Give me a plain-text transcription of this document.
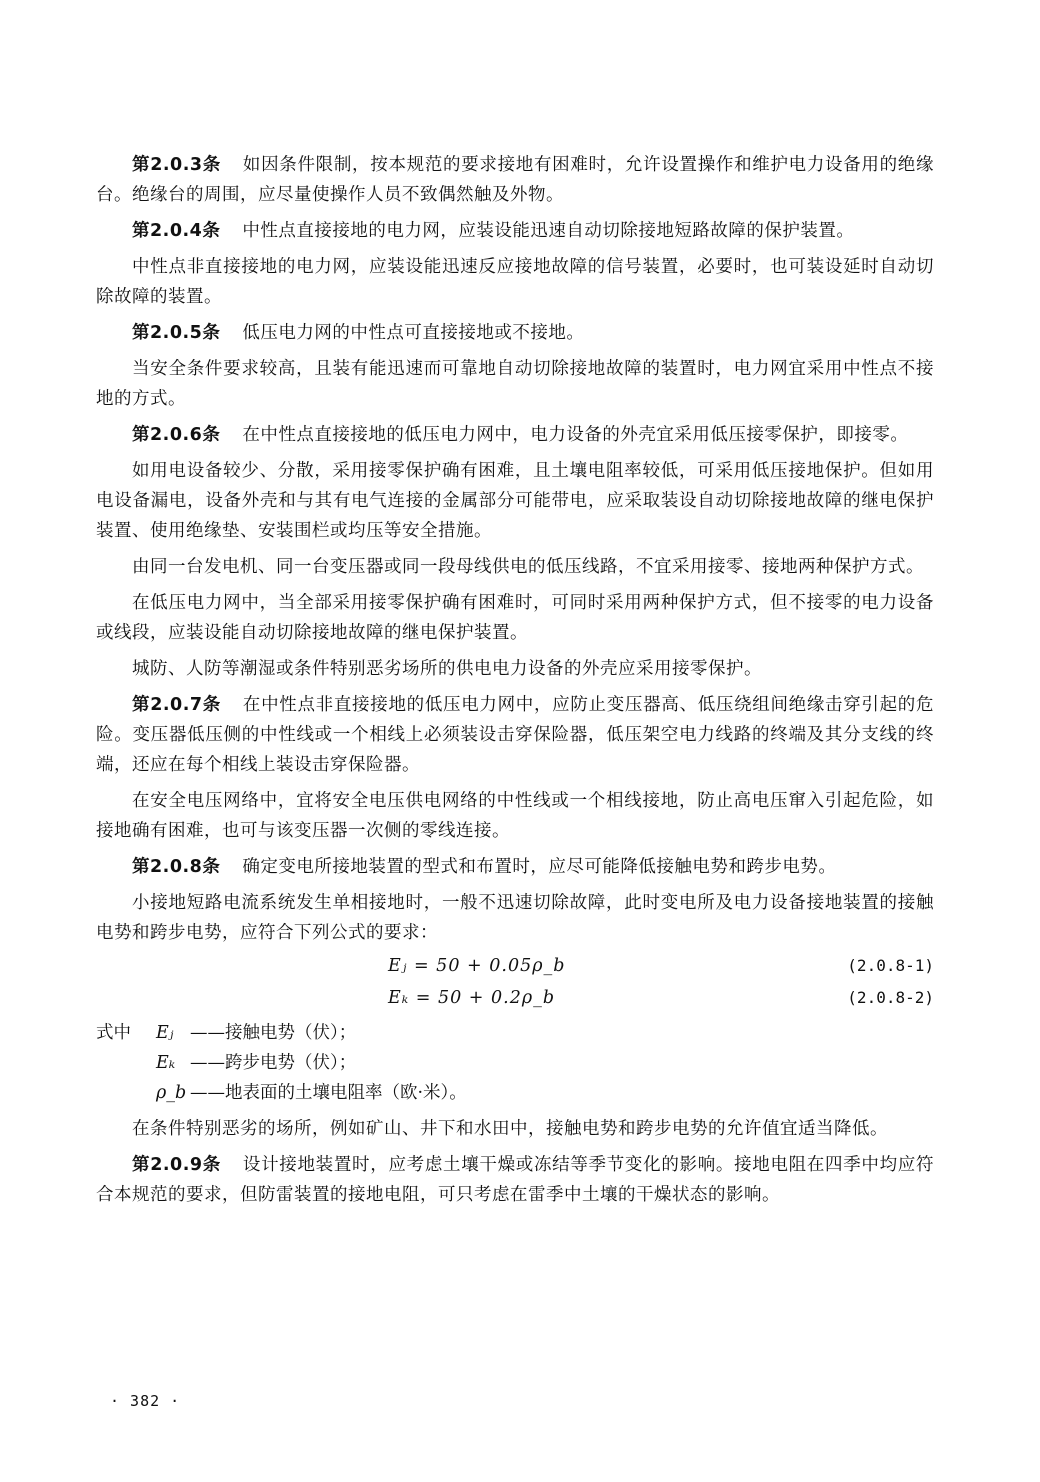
第2.0.3条 如因条件限制，按本规范的要求接地有困难时，允许设置操作和维护电力设备用的绝缘台。绝缘台的周围，应尽量使操作人员不致偶然触及外物。

第2.0.4条 中性点直接接地的电力网，应装设能迅速自动切除接地短路故障的保护装置。

中性点非直接接地的电力网，应装设能迅速反应接地故障的信号装置，必要时，也可装设延时自动切除故障的装置。

第2.0.5条 低压电力网的中性点可直接接地或不接地。

当安全条件要求较高，且装有能迅速而可靠地自动切除接地故障的装置时，电力网宜采用中性点不接地的方式。

第2.0.6条 在中性点直接接地的低压电力网中，电力设备的外壳宜采用低压接零保护，即接零。

如用电设备较少、分散，采用接零保护确有困难，且土壤电阻率较低，可采用低压接地保护。但如用电设备漏电，设备外壳和与其有电气连接的金属部分可能带电，应采取装设自动切除接地故障的继电保护装置、使用绝缘垫、安装围栏或均压等安全措施。

由同一台发电机、同一台变压器或同一段母线供电的低压线路，不宜采用接零、接地两种保护方式。

在低压电力网中，当全部采用接零保护确有困难时，可同时采用两种保护方式，但不接零的电力设备或线段，应装设能自动切除接地故障的继电保护装置。

城防、人防等潮湿或条件特别恶劣场所的供电电力设备的外壳应采用接零保护。

第2.0.7条 在中性点非直接接地的低压电力网中，应防止变压器高、低压绕组间绝缘击穿引起的危险。变压器低压侧的中性线或一个相线上必须装设击穿保险器，低压架空电力线路的终端及其分支线的终端，还应在每个相线上装设击穿保险器。

在安全电压网络中，宜将安全电压供电网络的中性线或一个相线接地，防止高电压窜入引起危险，如接地确有困难，也可与该变压器一次侧的零线连接。

第2.0.8条 确定变电所接地装置的型式和布置时，应尽可能降低接触电势和跨步电势。

小接地短路电流系统发生单相接地时，一般不迅速切除故障，此时变电所及电力设备接地装置的接触电势和跨步电势，应符合下列公式的要求：

Eⱼ = 50 + 0.05ρ_b	(2.0.8-1)
Eₖ = 50 + 0.2ρ_b	(2.0.8-2)
式中	Eⱼ ——接触电势（伏）；
Eₖ ——跨步电势（伏）；
ρ_b ——地表面的土壤电阻率（欧·米）。

在条件特别恶劣的场所，例如矿山、井下和水田中，接触电势和跨步电势的允许值宜适当降低。

第2.0.9条 设计接地装置时，应考虑土壤干燥或冻结等季节变化的影响。接地电阻在四季中均应符合本规范的要求，但防雷装置的接地电阻，可只考虑在雷季中土壤的干燥状态的影响。

· 382 ·
